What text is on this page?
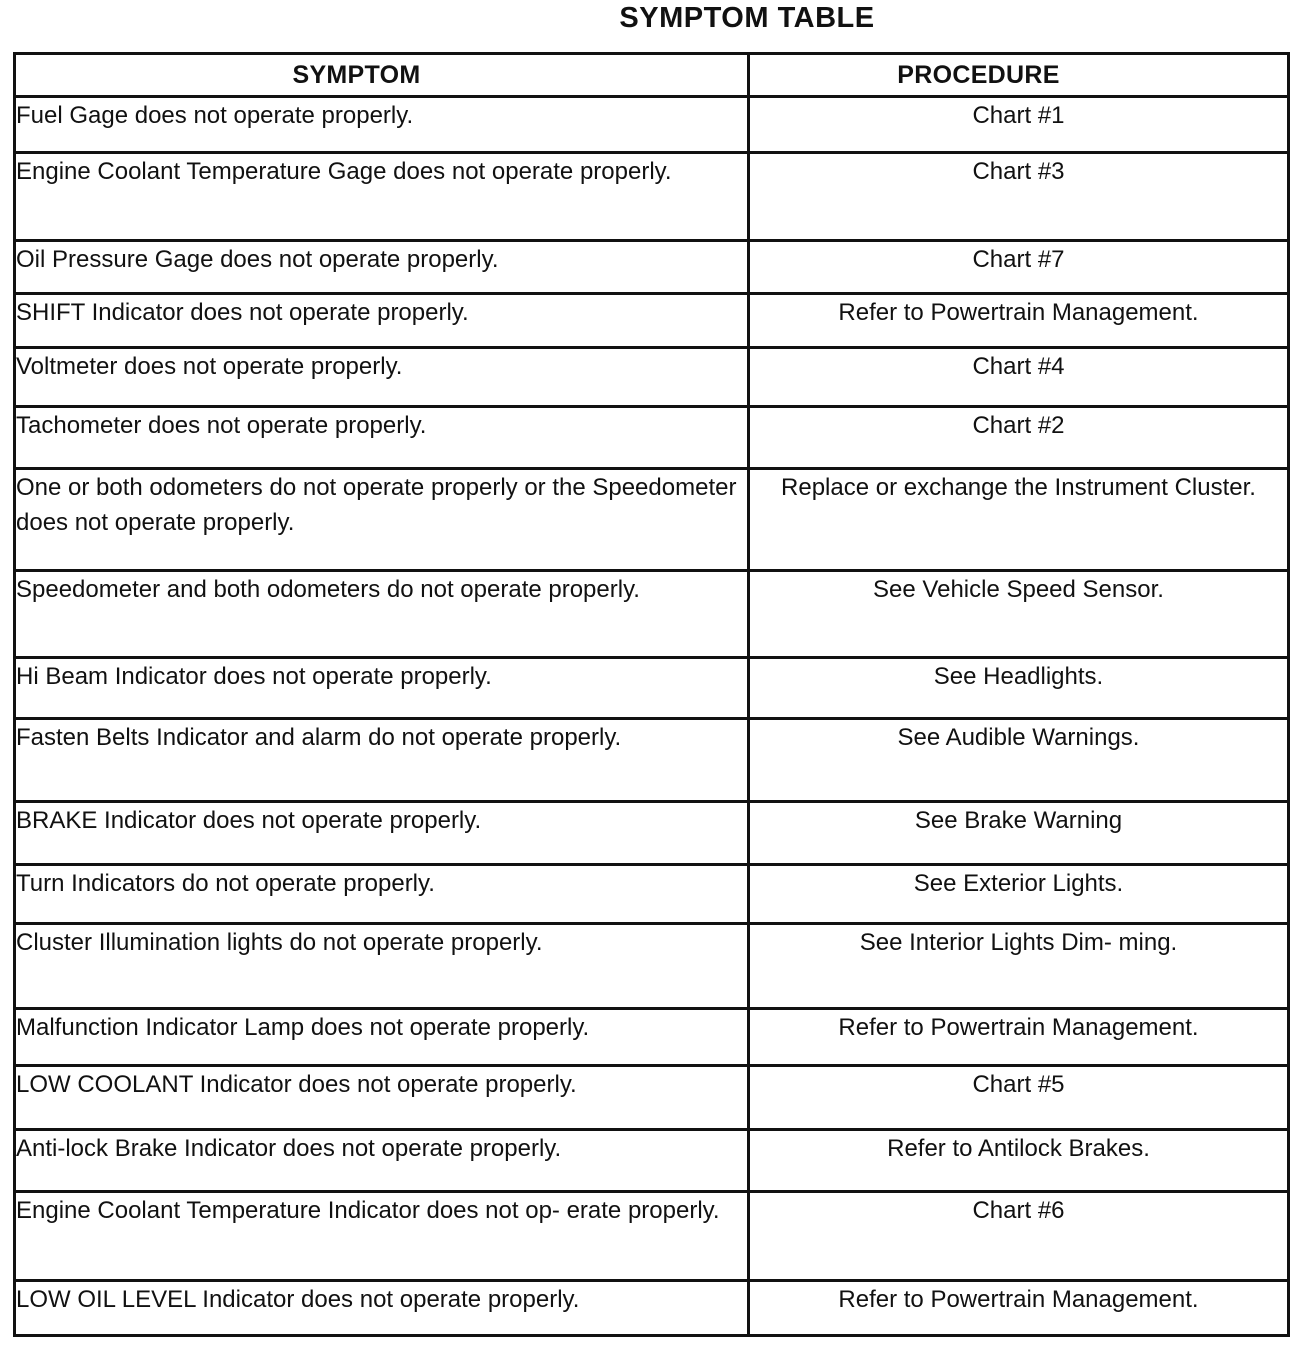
SYMPTOM TABLE
SYMPTOM	PROCEDURE

Fuel Gage does not operate properly.	Chart #1

Engine Coolant Temperature Gage does not operate properly.	Chart #3

Oil Pressure Gage does not operate properly.	Chart #7

SHIFT Indicator does not operate properly.	Refer to Powertrain Management.

Voltmeter does not operate properly.	Chart #4

Tachometer does not operate properly.	Chart #2

One or both odometers do not operate properly or the Speedometer does not operate properly.	Replace or exchange the Instrument Cluster.

Speedometer and both odometers do not operate properly.	See Vehicle Speed Sensor.

Hi Beam Indicator does not operate properly.	See Headlights.

Fasten Belts Indicator and alarm do not operate properly.	See Audible Warnings.

BRAKE Indicator does not operate properly.	See Brake Warning

Turn Indicators do not operate properly.	See Exterior Lights.

Cluster Illumination lights do not operate properly.	See Interior Lights Dim- ming.

Malfunction Indicator Lamp does not operate properly.	Refer to Powertrain Management.

LOW COOLANT Indicator does not operate properly.	Chart #5

Anti-lock Brake Indicator does not operate properly.	Refer to Antilock Brakes.

Engine Coolant Temperature Indicator does not op- erate properly.	Chart #6

LOW OIL LEVEL Indicator does not operate properly.	Refer to Powertrain Management.
